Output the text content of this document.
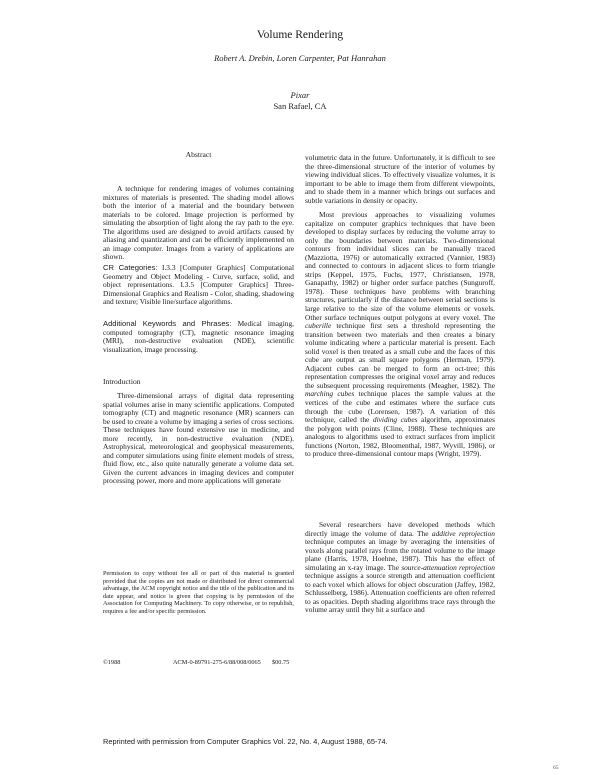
Volume Rendering
Robert A. Drebin, Loren Carpenter, Pat Hanrahan
Pixar
San Rafael, CA
Abstract
A technique for rendering images of volumes containing mixtures of materials is presented. The shading model allows both the interior of a material and the boundary between materials to be colored. Image projection is performed by simulating the absorption of light along the ray path to the eye. The algorithms used are designed to avoid artifacts caused by aliasing and quantization and can be efficiently implemented on an image computer. Images from a variety of applications are shown.
CR Categories: I.3.3 [Computer Graphics] Computational Geometry and Object Modeling - Curve, surface, solid, and object representations. I.3.5 [Computer Graphics] Three-Dimensional Graphics and Realism - Color, shading, shadowing and texture; Visible line/surface algorithms.
Additional Keywords and Phrases: Medical imaging, computed tomography (CT), magnetic resonance imaging (MRI), non-destructive evaluation (NDE), scientific visualization, image processing.
Introduction
Three-dimensional arrays of digital data representing spatial volumes arise in many scientific applications. Computed tomography (CT) and magnetic resonance (MR) scanners can be used to create a volume by imaging a series of cross sections. These techniques have found extensive use in medicine, and more recently, in non-destructive evaluation (NDE). Astrophysical, meteorological and geophysical measurements, and computer simulations using finite element models of stress, fluid flow, etc., also quite naturally generate a volume data set. Given the current advances in imaging devices and computer processing power, more and more applications will generate
Permission to copy without fee all or part of this material is granted provided that the copies are not made or distributed for direct commercial advantage, the ACM copyright notice and the title of the publication and its date appear, and notice is given that copying is by permission of the Association for Computing Machinery. To copy otherwise, or to republish, requires a fee and/or specific permission.
©1988	ACM-0-89791-275-6/88/008/0065 $00.75
volumetric data in the future. Unfortunately, it is difficult to see the three-dimensional structure of the interior of volumes by viewing individual slices. To effectively visualize volumes, it is important to be able to image them from different viewpoints, and to shade them in a manner which brings out surfaces and subtle variations in density or opacity.
Most previous approaches to visualizing volumes capitalize on computer graphics techniques that have been developed to display surfaces by reducing the volume array to only the boundaries between materials. Two-dimensional contours from individual slices can be manually traced (Mazziotta, 1976) or automatically extracted (Vannier, 1983) and connected to contours in adjacent slices to form triangle strips (Keppel, 1975, Fuchs, 1977, Christiansen, 1978, Ganapathy, 1982) or higher order surface patches (Sunguroff, 1978). These techniques have problems with branching structures, particularly if the distance between serial sections is large relative to the size of the volume elements or voxels. Other surface techniques output polygons at every voxel. The cuberille technique first sets a threshold representing the transition between two materials and then creates a binary volume indicating where a particular material is present. Each solid voxel is then treated as a small cube and the faces of this cube are output as small square polygons (Herman, 1979). Adjacent cubes can be merged to form an oct-tree; this representation compresses the original voxel array and reduces the subsequent processing requirements (Meagher, 1982). The marching cubes technique places the sample values at the vertices of the cube and estimates where the surface cuts through the cube (Lorensen, 1987). A variation of this technique, called the dividing cubes algorithm, approximates the polygon with points (Cline, 1988). These techniques are analogous to algorithms used to extract surfaces from implicit functions (Norton, 1982, Bloomenthal, 1987, Wyvill, 1986), or to produce three-dimensional contour maps (Wright, 1979).
Several researchers have developed methods which directly image the volume of data. The additive reprojection technique computes an image by averaging the intensities of voxels along parallel rays from the rotated volume to the image plane (Harris, 1978, Hoehne, 1987). This has the effect of simulating an x-ray image. The source-attenuation reprojection technique assigns a source strength and attenuation coefficient to each voxel which allows for object obscuration (Jaffey, 1982, Schlusselberg, 1986). Attenuation coefficients are often referred to as opacities. Depth shading algorithms trace rays through the volume array until they hit a surface and
Reprinted with permission from Computer Graphics Vol. 22, No. 4, August 1988, 65-74.
65
